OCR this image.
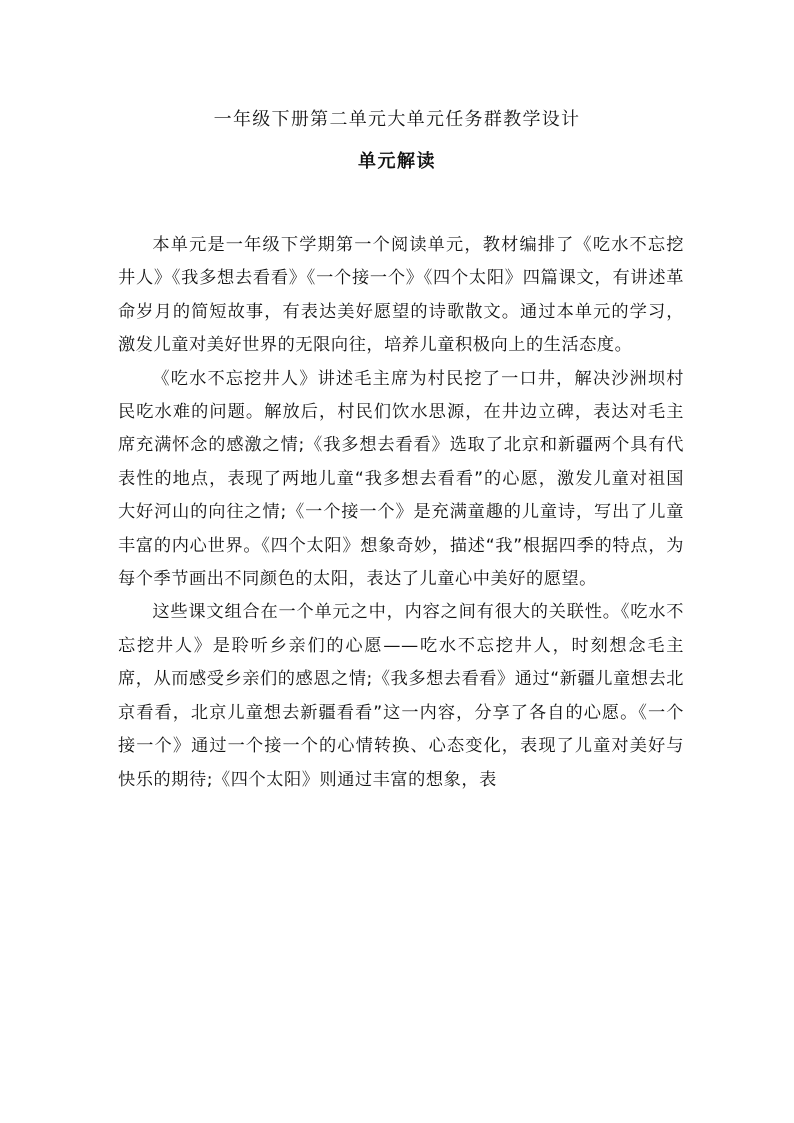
一年级下册第二单元大单元任务群教学设计
单元解读

本单元是一年级下学期第一个阅读单元，教材编排了《吃水不忘挖井人》《我多想去看看》《一个接一个》《四个太阳》四篇课文，有讲述革命岁月的简短故事，有表达美好愿望的诗歌散文。通过本单元的学习，激发儿童对美好世界的无限向往，培养儿童积极向上的生活态度。

《吃水不忘挖井人》讲述毛主席为村民挖了一口井，解决沙洲坝村民吃水难的问题。解放后，村民们饮水思源，在井边立碑，表达对毛主席充满怀念的感激之情;《我多想去看看》选取了北京和新疆两个具有代表性的地点，表现了两地儿童“我多想去看看”的心愿，激发儿童对祖国大好河山的向往之情;《一个接一个》是充满童趣的儿童诗，写出了儿童丰富的内心世界。《四个太阳》想象奇妙，描述“我”根据四季的特点，为每个季节画出不同颜色的太阳，表达了儿童心中美好的愿望。

这些课文组合在一个单元之中，内容之间有很大的关联性。《吃水不忘挖井人》是聆听乡亲们的心愿——吃水不忘挖井人，时刻想念毛主席，从而感受乡亲们的感恩之情;《我多想去看看》通过“新疆儿童想去北京看看，北京儿童想去新疆看看”这一内容，分享了各自的心愿。《一个接一个》通过一个接一个的心情转换、心态变化，表现了儿童对美好与快乐的期待;《四个太阳》则通过丰富的想象，表
